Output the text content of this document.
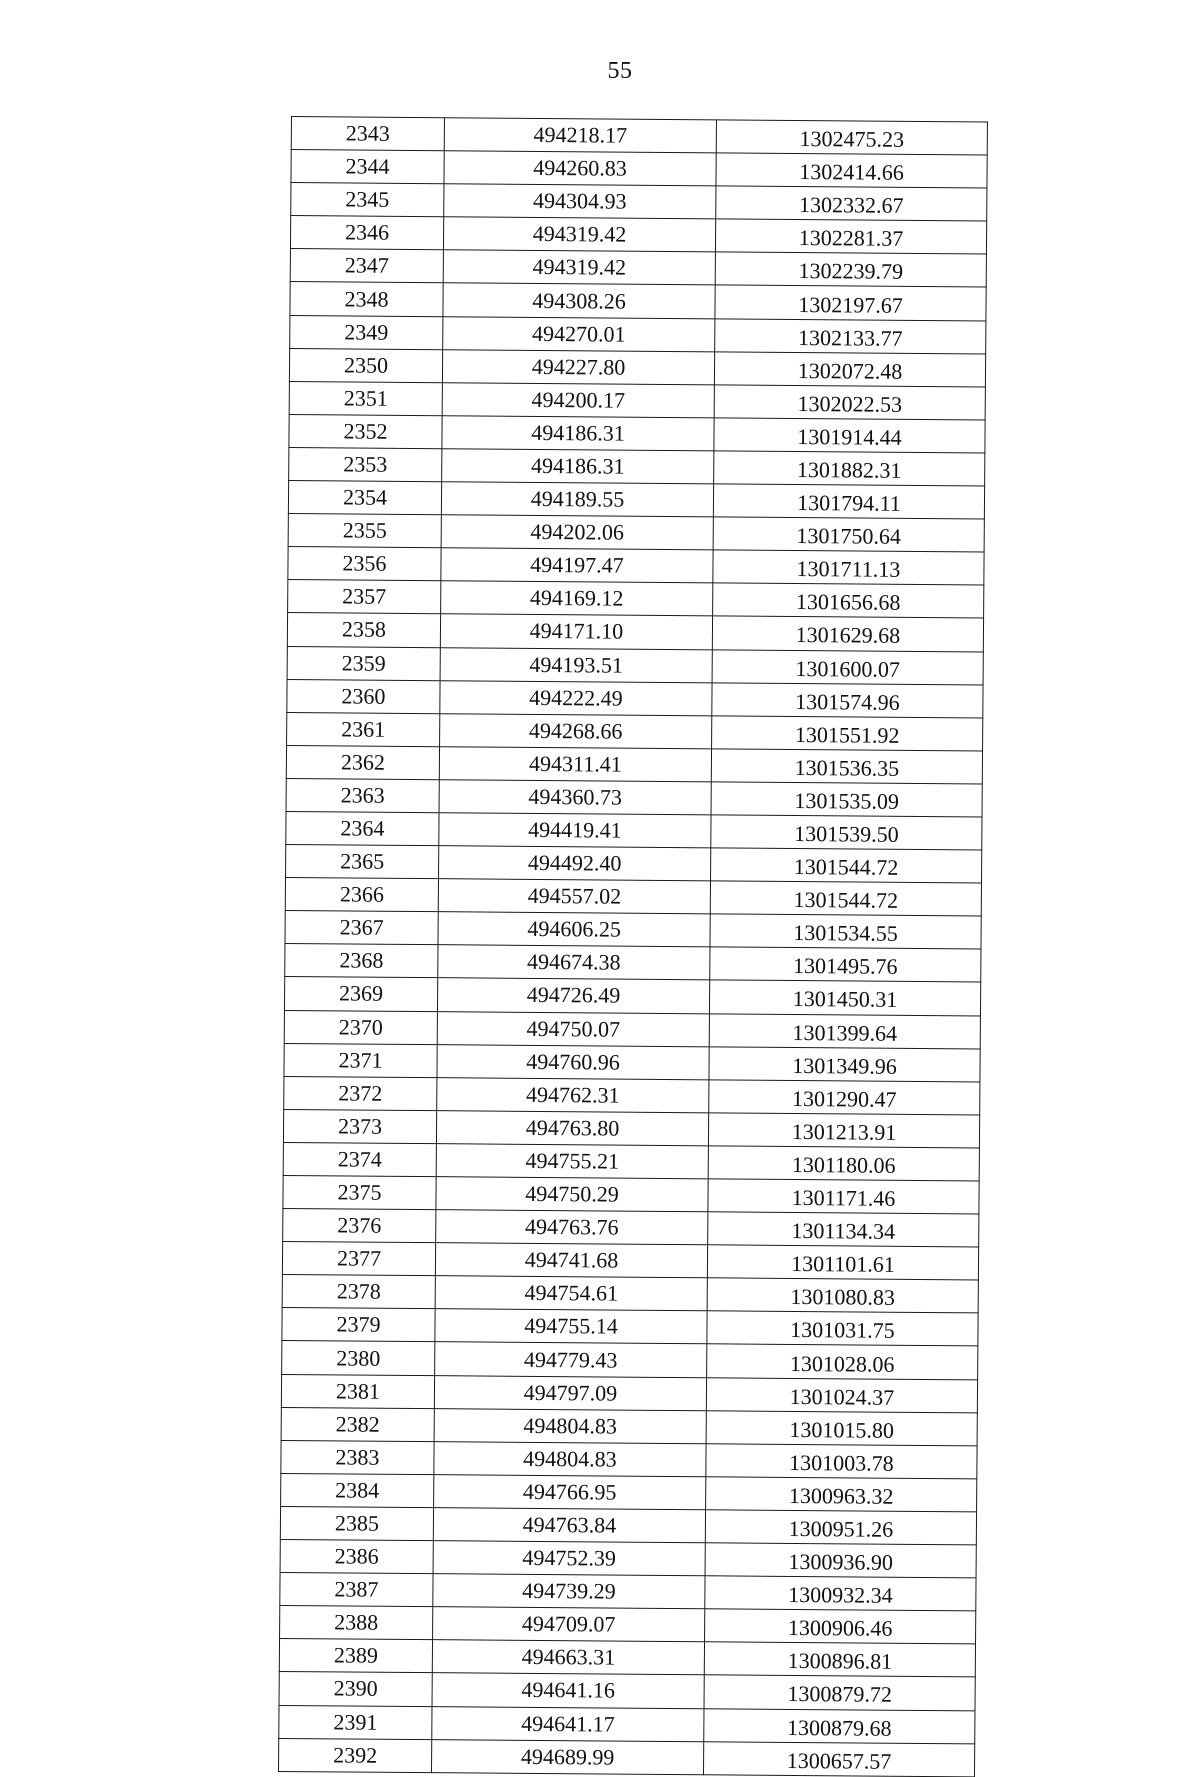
55
2343	494218.17	1302475.23
2344	494260.83	1302414.66
2345	494304.93	1302332.67
2346	494319.42	1302281.37
2347	494319.42	1302239.79
2348	494308.26	1302197.67
2349	494270.01	1302133.77
2350	494227.80	1302072.48
2351	494200.17	1302022.53
2352	494186.31	1301914.44
2353	494186.31	1301882.31
2354	494189.55	1301794.11
2355	494202.06	1301750.64
2356	494197.47	1301711.13
2357	494169.12	1301656.68
2358	494171.10	1301629.68
2359	494193.51	1301600.07
2360	494222.49	1301574.96
2361	494268.66	1301551.92
2362	494311.41	1301536.35
2363	494360.73	1301535.09
2364	494419.41	1301539.50
2365	494492.40	1301544.72
2366	494557.02	1301544.72
2367	494606.25	1301534.55
2368	494674.38	1301495.76
2369	494726.49	1301450.31
2370	494750.07	1301399.64
2371	494760.96	1301349.96
2372	494762.31	1301290.47
2373	494763.80	1301213.91
2374	494755.21	1301180.06
2375	494750.29	1301171.46
2376	494763.76	1301134.34
2377	494741.68	1301101.61
2378	494754.61	1301080.83
2379	494755.14	1301031.75
2380	494779.43	1301028.06
2381	494797.09	1301024.37
2382	494804.83	1301015.80
2383	494804.83	1301003.78
2384	494766.95	1300963.32
2385	494763.84	1300951.26
2386	494752.39	1300936.90
2387	494739.29	1300932.34
2388	494709.07	1300906.46
2389	494663.31	1300896.81
2390	494641.16	1300879.72
2391	494641.17	1300879.68
2392	494689.99	1300657.57
